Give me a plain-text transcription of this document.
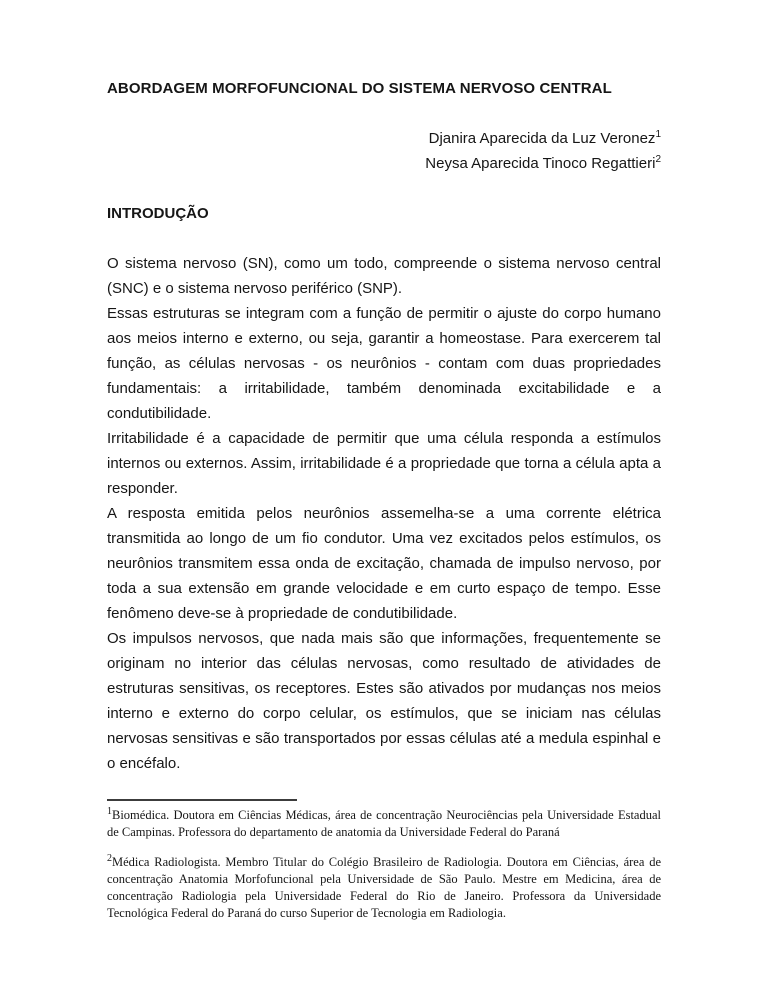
ABORDAGEM MORFOFUNCIONAL DO SISTEMA NERVOSO CENTRAL

Djanira Aparecida da Luz Veronez$^1$

Neysa Aparecida Tinoco Regattieri$^2$

INTRODUÇÃO

O sistema nervoso (SN), como um todo, compreende o sistema nervoso central (SNC) e o sistema nervoso periférico (SNP).

Essas estruturas se integram com a função de permitir o ajuste do corpo humano aos meios interno e externo, ou seja, garantir a homeostase. Para exercerem tal função, as células nervosas - os neurônios - contam com duas propriedades fundamentais: a irritabilidade, também denominada excitabilidade e a condutibilidade.

Irritabilidade é a capacidade de permitir que uma célula responda a estímulos internos ou externos. Assim, irritabilidade é a propriedade que torna a célula apta a responder.

A resposta emitida pelos neurônios assemelha-se a uma corrente elétrica transmitida ao longo de um fio condutor. Uma vez excitados pelos estímulos, os neurônios transmitem essa onda de excitação, chamada de impulso nervoso, por toda a sua extensão em grande velocidade e em curto espaço de tempo. Esse fenômeno deve-se à propriedade de condutibilidade.

Os impulsos nervosos, que nada mais são que informações, frequentemente se originam no interior das células nervosas, como resultado de atividades de estruturas sensitivas, os receptores. Estes são ativados por mudanças nos meios interno e externo do corpo celular, os estímulos, que se iniciam nas células nervosas sensitivas e são transportados por essas células até a medula espinhal e o encéfalo.

$^1$Biomédica. Doutora em Ciências Médicas, área de concentração Neurociências pela Universidade Estadual de Campinas. Professora do departamento de anatomia da Universidade Federal do Paraná

$^2$Médica Radiologista. Membro Titular do Colégio Brasileiro de Radiologia. Doutora em Ciências, área de concentração Anatomia Morfofuncional pela Universidade de São Paulo. Mestre em Medicina, área de concentração Radiologia pela Universidade Federal do Rio de Janeiro. Professora da Universidade Tecnológica Federal do Paraná do curso Superior de Tecnologia em Radiologia.
